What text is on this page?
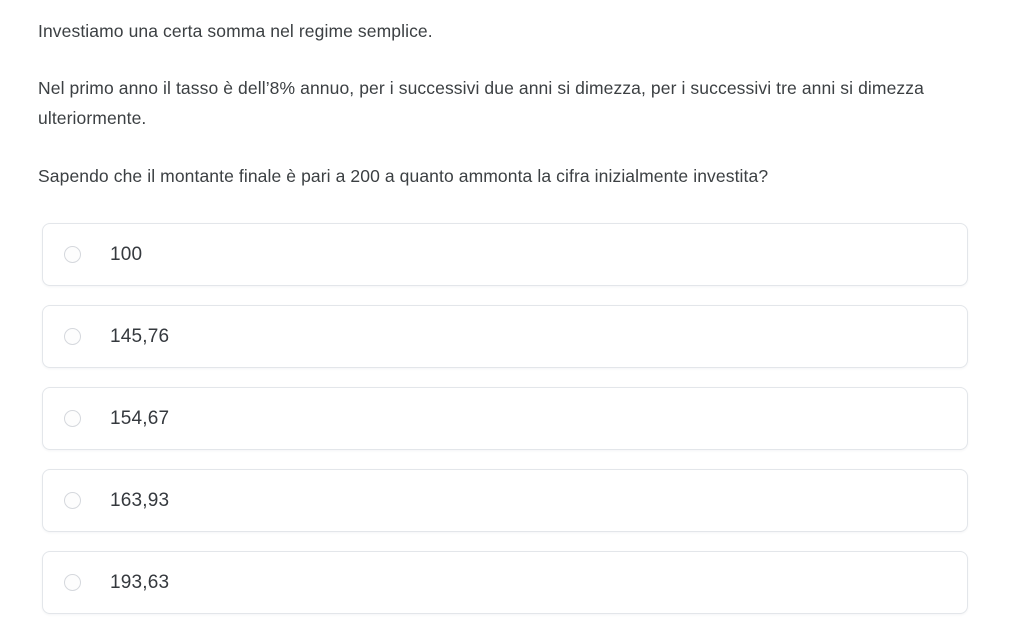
Investiamo una certa somma nel regime semplice.

Nel primo anno il tasso è dell’8% annuo, per i successivi due anni si dimezza, per i successivi tre anni si dimezza ulteriormente.

Sapendo che il montante finale è pari a 200 a quanto ammonta la cifra inizialmente investita?

100
145,76
154,67
163,93
193,63
